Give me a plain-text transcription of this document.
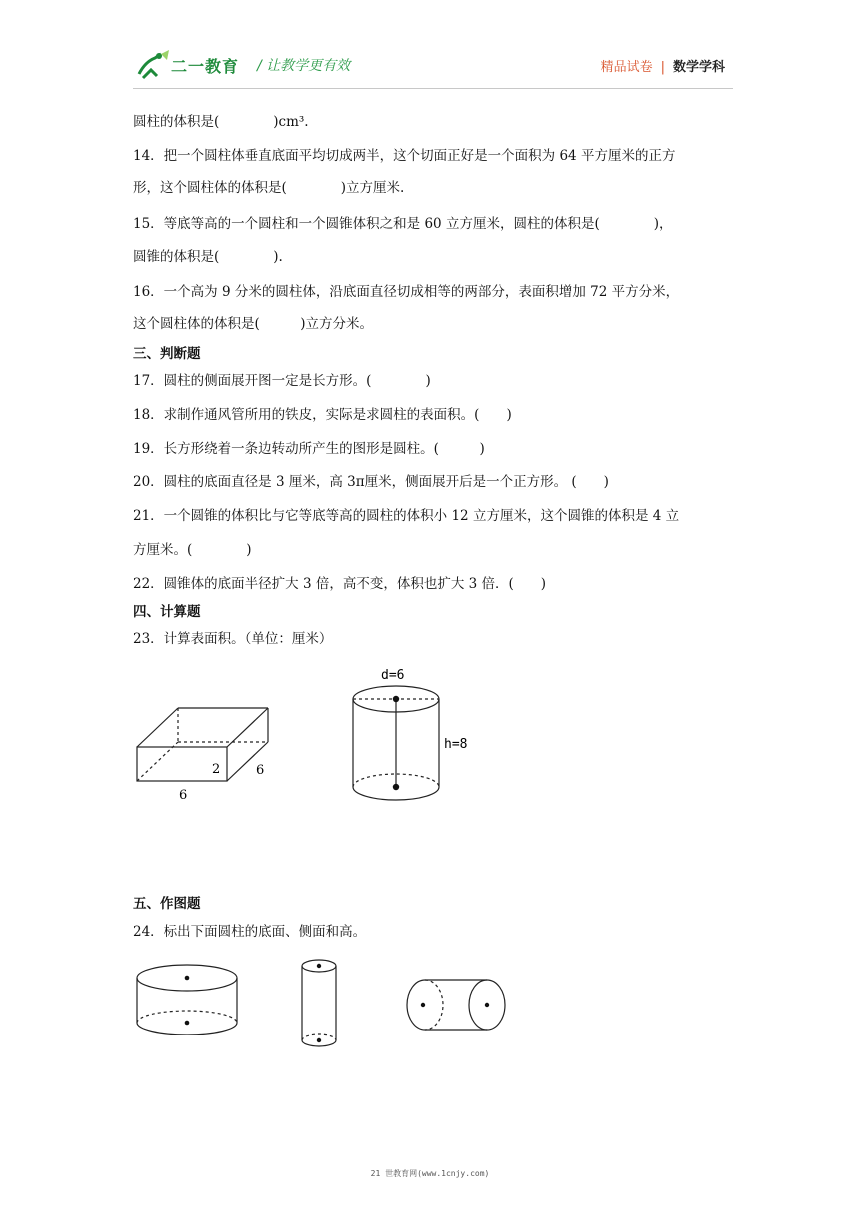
二一教育 / 让教学更有效	精品试卷 | 数学学科
圆柱的体积是(　　　　)cm³.
14．把一个圆柱体垂直底面平均切成两半，这个切面正好是一个面积为 64 平方厘米的正方
形，这个圆柱体的体积是(　　　　)立方厘米.
15．等底等高的一个圆柱和一个圆锥体积之和是 60 立方厘米，圆柱的体积是(　　　　)，
圆锥的体积是(　　　　).
16．一个高为 9 分米的圆柱体，沿底面直径切成相等的两部分，表面积增加 72 平方分米，
这个圆柱体的体积是(　　　)立方分米。
三、判断题
17．圆柱的侧面展开图一定是长方形。(　　　　)
18．求制作通风管所用的铁皮，实际是求圆柱的表面积。(　　)
19．长方形绕着一条边转动所产生的图形是圆柱。(　　　)
20．圆柱的底面直径是 3 厘米，高 3π厘米，侧面展开后是一个正方形。 (　　)
21．一个圆锥的体积比与它等底等高的圆柱的体积小 12 立方厘米，这个圆锥的体积是 4 立
方厘米。(　　　　)
22．圆锥体的底面半径扩大 3 倍，高不变，体积也扩大 3 倍．(　　)
四、计算题
23．计算表面积。（单位：厘米）
五、作图题
24．标出下面圆柱的底面、侧面和高。
2	6
6
d=6
h=8
21 世教育网(www.1cnjy.com)
